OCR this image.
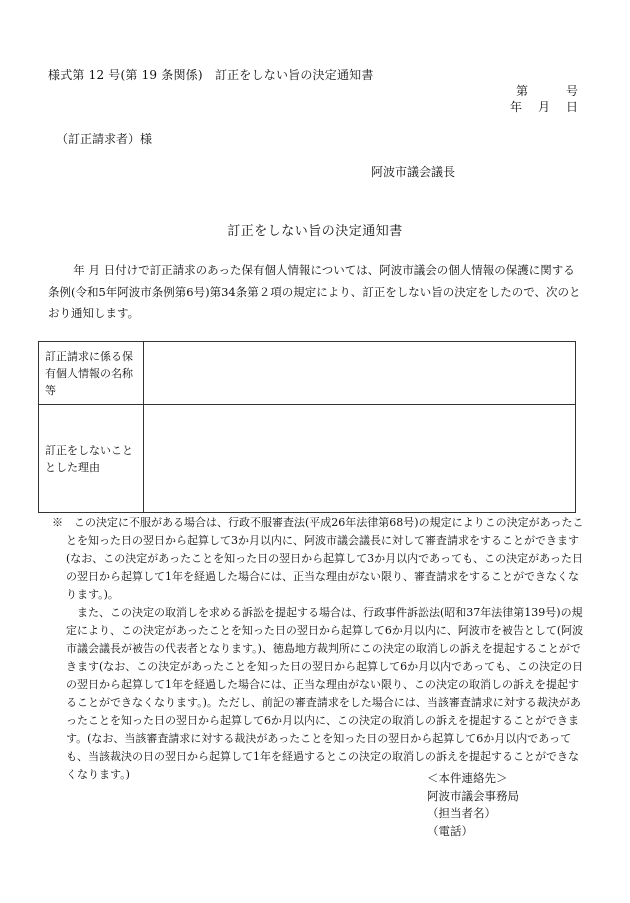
様式第 12 号(第 19 条関係)　訂正をしない旨の決定通知書
第	号
年 月 日
（訂正請求者）様
阿波市議会議長
訂正をしない旨の決定通知書

年 月 日付けで訂正請求のあった保有個人情報については、阿波市議会の個人情報の保護に関する条例(令和5年阿波市条例第6号)第34条第２項の規定により、訂正をしない旨の決定をしたので、次のとおり通知します。

訂正請求に係る保有個人情報の名称等	
訂正をしないこととした理由	

※　この決定に不服がある場合は、行政不服審査法(平成26年法律第68号)の規定によりこの決定があったことを知った日の翌日から起算して3か月以内に、阿波市議会議長に対して審査請求をすることができます(なお、この決定があったことを知った日の翌日から起算して3か月以内であっても、この決定があった日の翌日から起算して1年を経過した場合には、正当な理由がない限り、審査請求をすることができなくなります。)。

また、この決定の取消しを求める訴訟を提起する場合は、行政事件訴訟法(昭和37年法律第139号)の規定により、この決定があったことを知った日の翌日から起算して6か月以内に、阿波市を被告として(阿波市議会議長が被告の代表者となります。)、徳島地方裁判所にこの決定の取消しの訴えを提起することができます(なお、この決定があったことを知った日の翌日から起算して6か月以内であっても、この決定の日の翌日から起算して1年を経過した場合には、正当な理由がない限り、この決定の取消しの訴えを提起することができなくなります。)。ただし、前記の審査請求をした場合には、当該審査請求に対する裁決があったことを知った日の翌日から起算して6か月以内に、この決定の取消しの訴えを提起することができます。(なお、当該審査請求に対する裁決があったことを知った日の翌日から起算して6か月以内であっても、当該裁決の日の翌日から起算して1年を経過するとこの決定の取消しの訴えを提起することができなくなります。)	＜本件連絡先＞
阿波市議会事務局
（担当者名）
（電話）
